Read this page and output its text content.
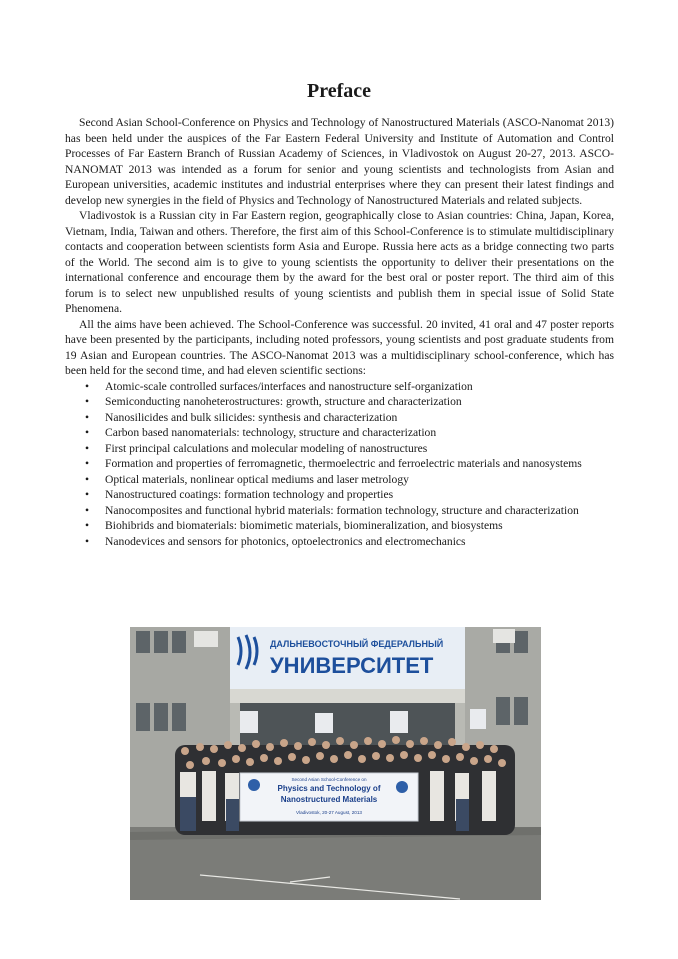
Preface

Second Asian School-Conference on Physics and Technology of Nanostructured Materials (ASCO-Nanomat 2013) has been held under the auspices of the Far Eastern Federal University and Institute of Automation and Control Processes of Far Eastern Branch of Russian Academy of Sciences, in Vladivostok on August 20-27, 2013. ASCO-NANOMAT 2013 was intended as a forum for senior and young scientists and technologists from Asian and European universities, academic institutes and industrial enterprises where they can present their latest findings and develop new synergies in the field of Physics and Technology of Nanostructured Materials and related subjects.

Vladivostok is a Russian city in Far Eastern region, geographically close to Asian countries: China, Japan, Korea, Vietnam, India, Taiwan and others. Therefore, the first aim of this School-Conference is to stimulate multidisciplinary contacts and cooperation between scientists form Asia and Europe. Russia here acts as a bridge connecting two parts of the World. The second aim is to give to young scientists the opportunity to deliver their presentations on the international conference and encourage them by the award for the best oral or poster report. The third aim of this forum is to select new unpublished results of young scientists and publish them in special issue of Solid State Phenomena.

All the aims have been achieved. The School-Conference was successful. 20 invited, 41 oral and 47 poster reports have been presented by the participants, including noted professors, young scientists and post graduate students from 19 Asian and European countries. The ASCO-Nanomat 2013 was a multidisciplinary school-conference, which has been held for the second time, and had eleven scientific sections:

• Atomic-scale controlled surfaces/interfaces and nanostructure self-organization
• Semiconducting nanoheterostructures: growth, structure and characterization
• Nanosilicides and bulk silicides: synthesis and characterization
• Carbon based nanomaterials: technology, structure and characterization
• First principal calculations and molecular modeling of nanostructures
• Formation and properties of ferromagnetic, thermoelectric and ferroelectric materials and nanosystems
• Optical materials, nonlinear optical mediums and laser metrology
• Nanostructured coatings: formation technology and properties
• Nanocomposites and functional hybrid materials: formation technology, structure and characterization
• Biohibrids and biomaterials: biomimetic materials, biomineralization, and biosystems
• Nanodevices and sensors for photonics, optoelectronics and electromechanics
ДАЛЬНЕВОСТОЧНЫЙ ФЕДЕРАЛЬНЫЙ
УНИВЕРСИТЕТ
Second Asian School-Conference on
Physics and Technology of
Nanostructured Materials
Vladivostok, 20-27 August, 2013
